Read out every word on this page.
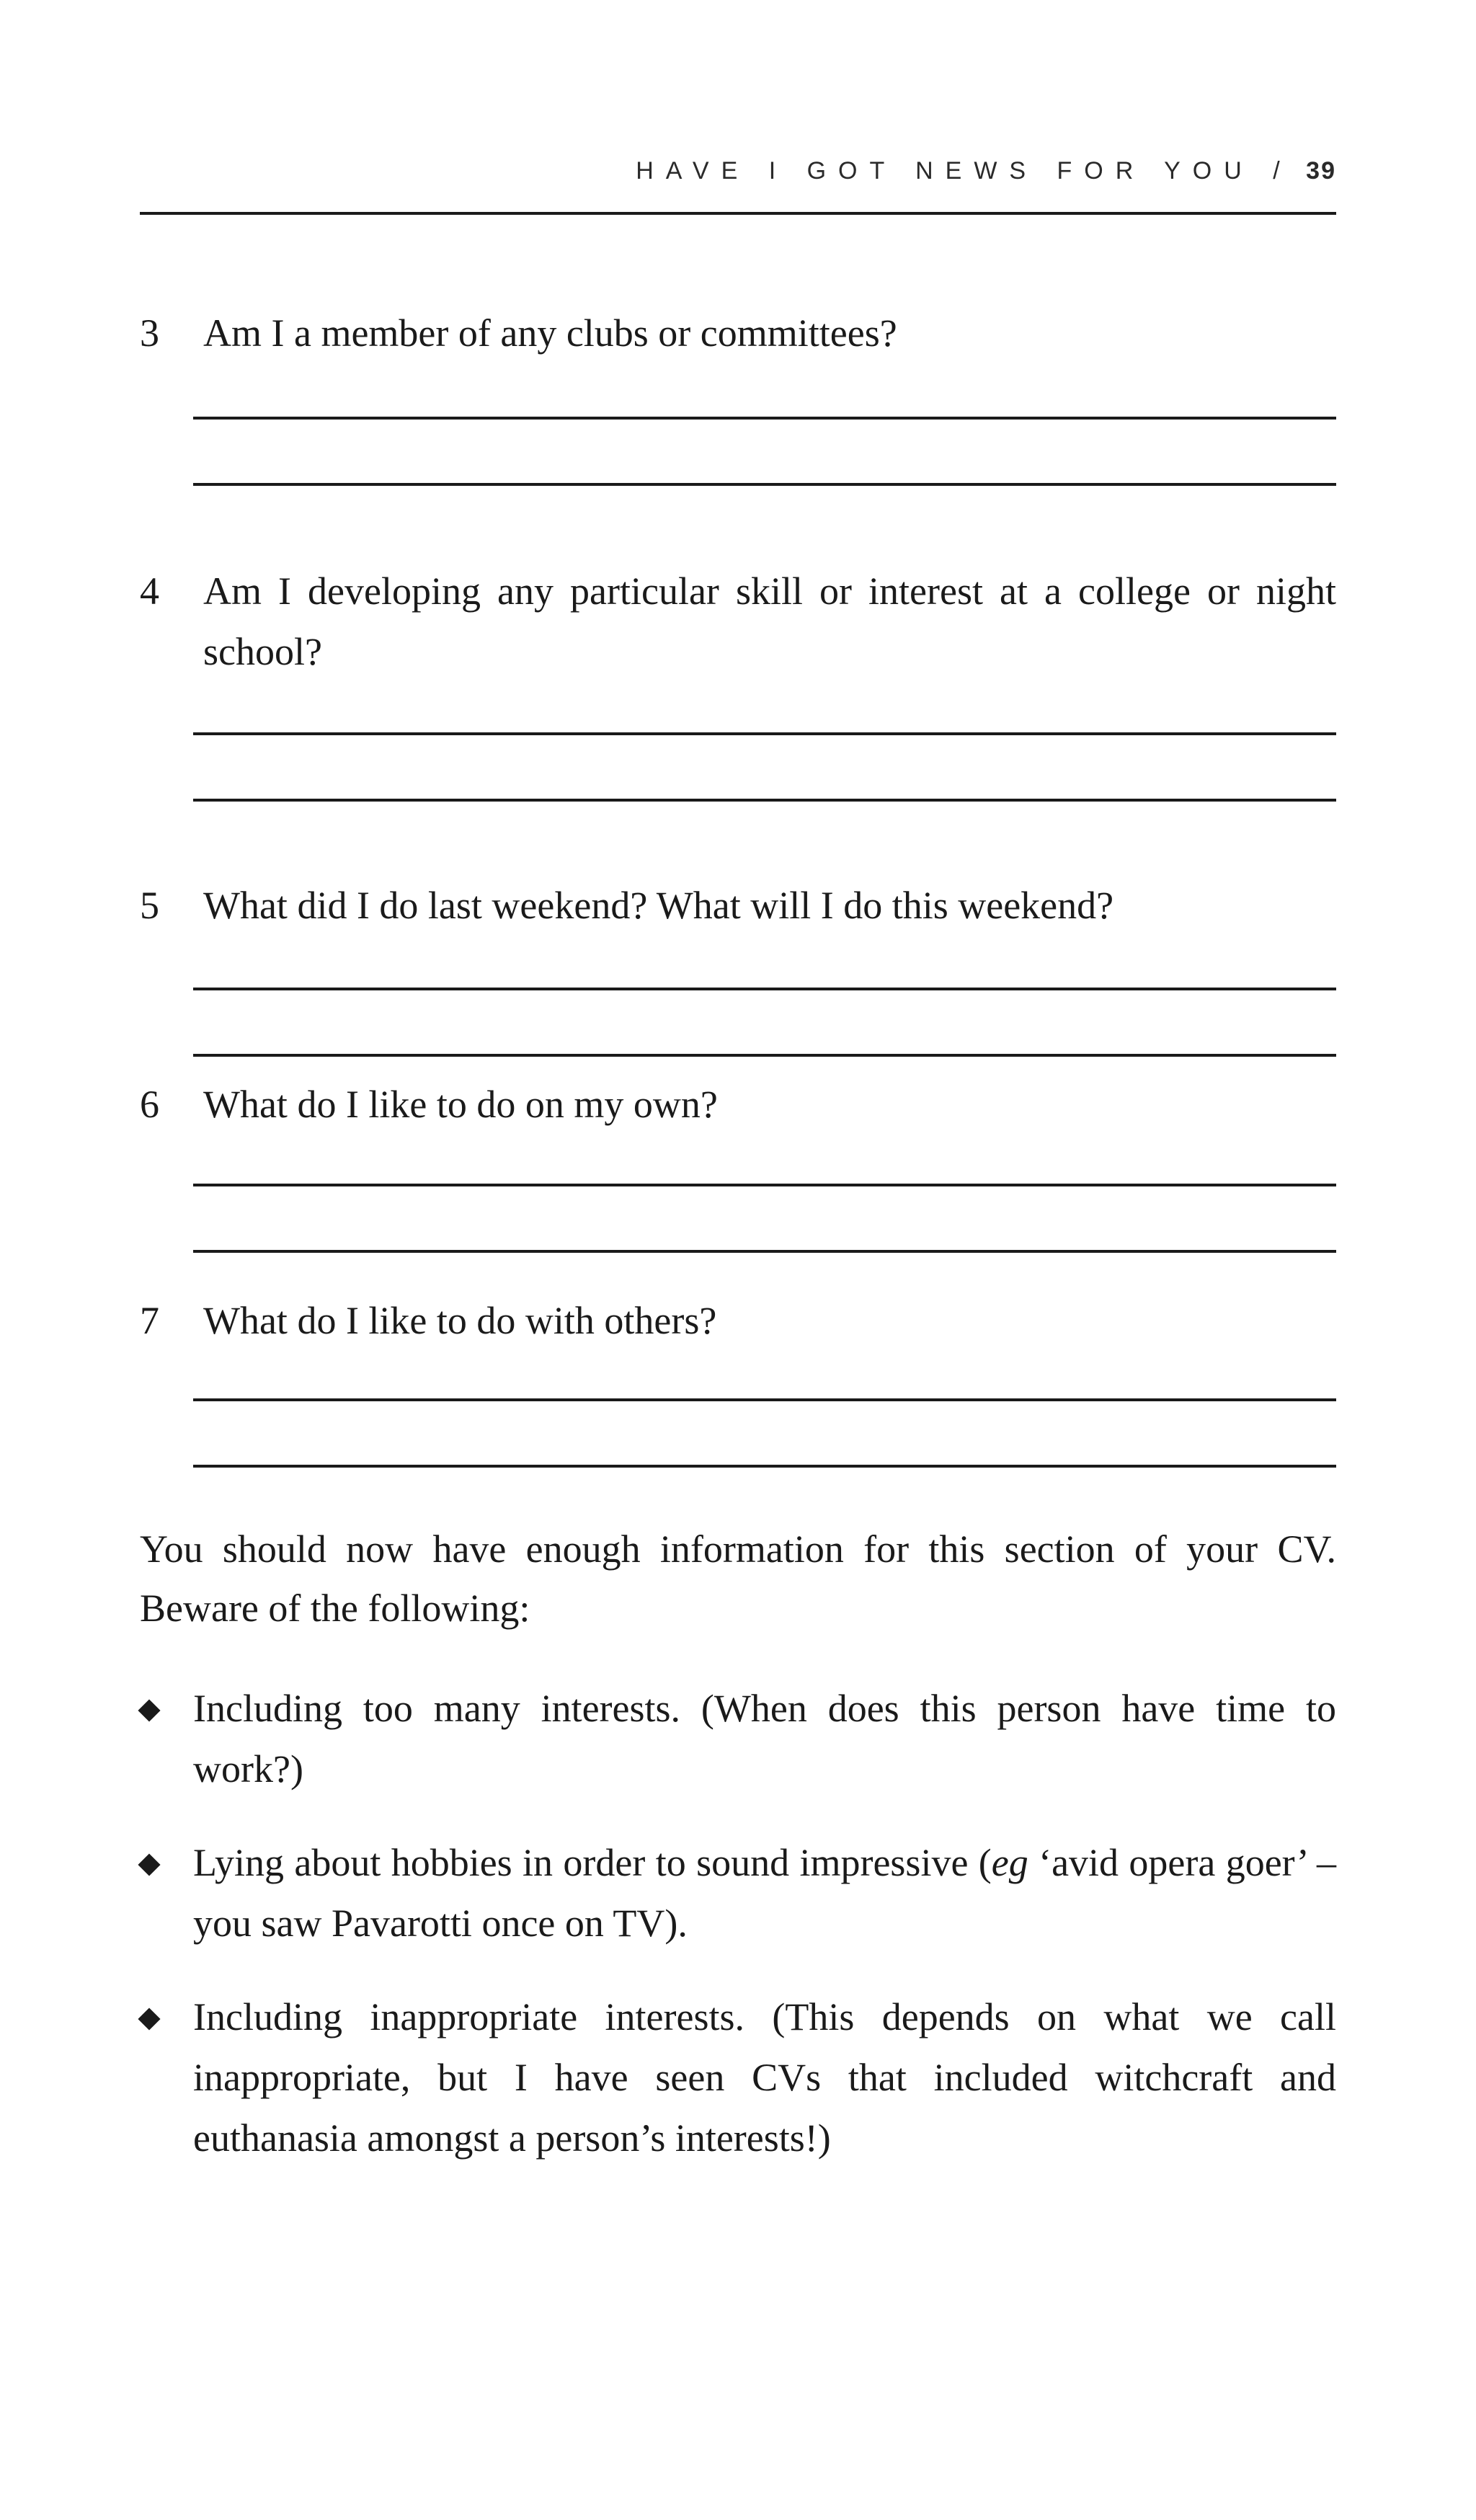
HAVE I GOT NEWS FOR YOU / 39
3	Am I a member of any clubs or committees?
4	Am I developing any particular skill or interest at a college or night school?
5	What did I do last weekend? What will I do this weekend?
6	What do I like to do on my own?
7	What do I like to do with others?
You should now have enough information for this section of your CV. Beware of the following:
Including too many interests. (When does this person have time to work?)
Lying about hobbies in order to sound impressive (eg ‘avid opera goer’ – you saw Pavarotti once on TV).
Including inappropriate interests. (This depends on what we call inappropriate, but I have seen CVs that included witchcraft and euthanasia amongst a person’s interests!)
